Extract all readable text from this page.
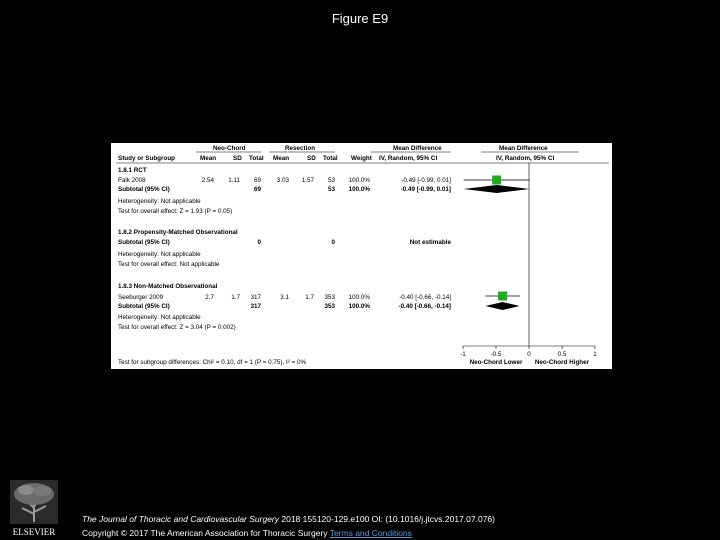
Figure E9
Neo-Chord	Resection	Mean Difference	Mean Difference
Study or Subgroup	Mean	SD Total Mean	SD Total Weight IV, Random, 95% CI	IV, Random, 95% CI
1.8.1 RCT
Falk 2008	2.54 1.11 69 3.03 1.57 53 100.0%	-0.49 [-0.99, 0.01]
Subtotal (95% CI)	69	53 100.0%	-0.49 [-0.99, 0.01]
Heterogeneity: Not applicable
Test for overall effect: Z = 1.93 (P = 0.05)
1.8.2 Propensity-Matched Observational
Subtotal (95% CI)	0	0	Not estimable
Heterogeneity: Not applicable
Test for overall effect: Not applicable
1.8.3 Non-Matched Observational
Seeburger 2009	2.7	1.7 317	3.1	1.7 353 100.0%	-0.40 [-0.66, -0.14]
Subtotal (95% CI)	317	353 100.0%	-0.40 [-0.66, -0.14]
Heterogeneity: Not applicable
Test for overall effect: Z = 3.04 (P = 0.002)
Test for subgroup differences: Chi² = 0.10, df = 1 (P = 0.75), I² = 0%
-1	-0.5	0	0.5	1
Neo-Chord Lower Neo-Chord Higher
ELSEVIER
The Journal of Thoracic and Cardiovascular Surgery 2018 155120-129.e100 OI: (10.1016/j.jtcvs.2017.07.076)
Copyright © 2017 The American Association for Thoracic Surgery Terms and Conditions
